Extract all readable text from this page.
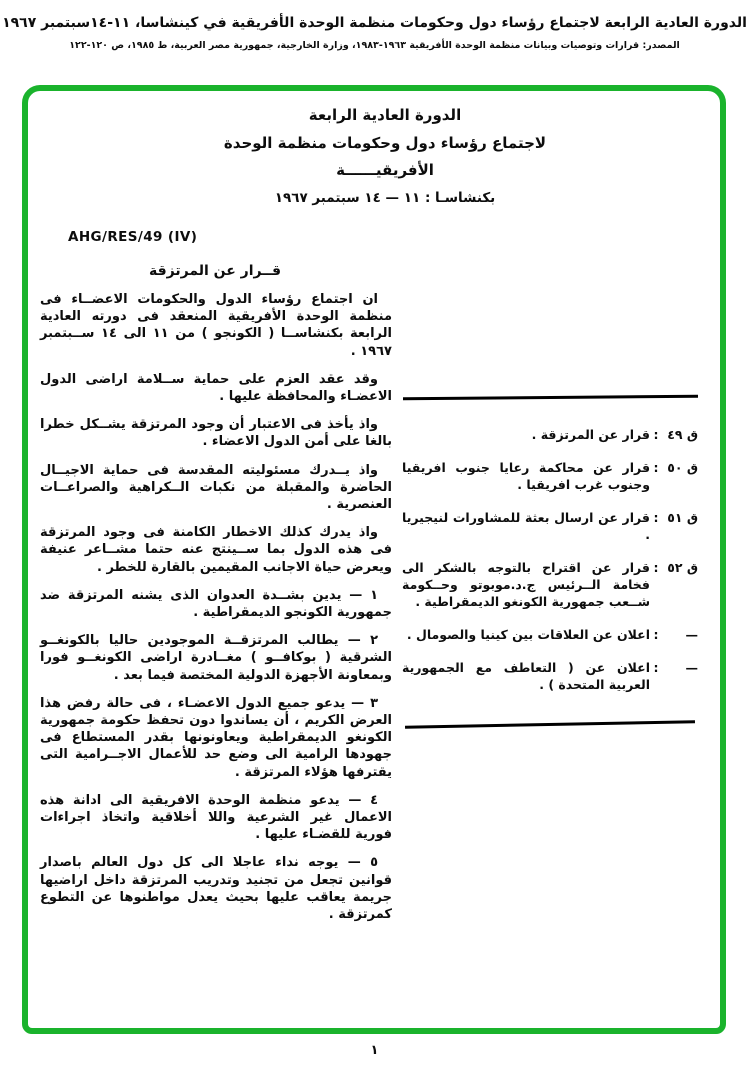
الدورة العادية الرابعة لاجتماع رؤساء دول وحكومات منظمة الوحدة الأفريقية في كينشاسا، ١١-١٤سبتمبر ١٩٦٧
المصدر: قرارات وتوصيات وبيانات منظمة الوحدة الأفريقية ١٩٦٣-١٩٨٣، وزارة الخارجية، جمهورية مصر العربية، ط ١٩٨٥، ص ١٢٠-١٢٢
الدورة العادية الرابعة
لاجتماع رؤساء دول وحكومات منظمة الوحدة
الأفريقيــــــة
بكنشاسـا : ١١ — ١٤ سبتمبر ١٩٦٧
AHG/RES/49 (IV)
قــرار عن المرتزقة

ان اجتماع رؤساء الدول والحكومات الاعضــاء فى منظمة الوحدة الأفريقية المنعقد فى دورته العادية الرابعة بكنشاســا ( الكونجو ) من ١١ الى ١٤ ســبتمبر ١٩٦٧ .

وقد عقد العزم على حماية ســلامة اراضى الدول الاعضـاء والمحافظة عليها .

واذ يأخذ فى الاعتبار أن وجود المرتزقة يشــكل خطرا بالغا على أمن الدول الاعضاء .

واذ يــدرك مسئوليته المقدسة فى حماية الاجيــال الحاضرة والمقبلة من نكبات الــكراهية والصراعــات العنصرية .

واذ يدرك كذلك الاخطار الكامنة فى وجود المرتزقة فى هذه الدول بما ســينتج عنه حتما مشــاعر عنيفة ويعرض حياة الاجانب المقيمين بالقارة للخطر .

١ — يدين بشــدة العدوان الذى يشنه المرتزقة ضد جمهورية الكونجو الديمقراطية .

٢ — يطالب المرتزقــة الموجودين حاليا بالكونغــو الشرقية ( بوكافــو ) مغــادرة اراضى الكونغــو فورا وبمعاونة الأجهزة الدولية المختصة فيما بعد .

٣ — يدعو جميع الدول الاعضـاء ، فى حالة رفض هذا العرض الكريم ، أن يساندوا دون تحفظ حكومة جمهورية الكونغو الديمقراطية ويعاونونها بقدر المستطاع فى جهودها الرامية الى وضع حد للأعمال الاجــرامية التى يقترفها هؤلاء المرتزقة .

٤ — يدعو منظمة الوحدة الافريقية الى ادانة هذه الاعمال غير الشرعية واللا أخلاقية واتخاذ اجراءات فورية للقضـاء عليها .

٥ — يوجه نداء عاجلا الى كل دول العالم باصدار قوانين تجعل من تجنيد وتدريب المرتزقة داخل اراضيها جريمة يعاقب عليها بحيث يعدل مواطنوها عن التطوع كمرتزقة .

ق ٤٩
:
قرار عن المرتزقة .
ق ٥٠
:
قرار عن محاكمة رعايا جنوب افريقيا وجنوب غرب افريقيا .
ق ٥١
:
قرار عن ارسال بعثة للمشاورات لنيجيريا .
ق ٥٢
:
قرار عن اقتراح بالتوجه بالشكر الى فخامة الــرئيس ج.د.موبوتو وحــكومة شــعب جمهورية الكونغو الديمقراطية .
—
:
اعلان عن العلاقات بين كينيا والصومال .
—
:
اعلان عن ( التعاطف مع الجمهورية العربية المتحدة ) .
١
